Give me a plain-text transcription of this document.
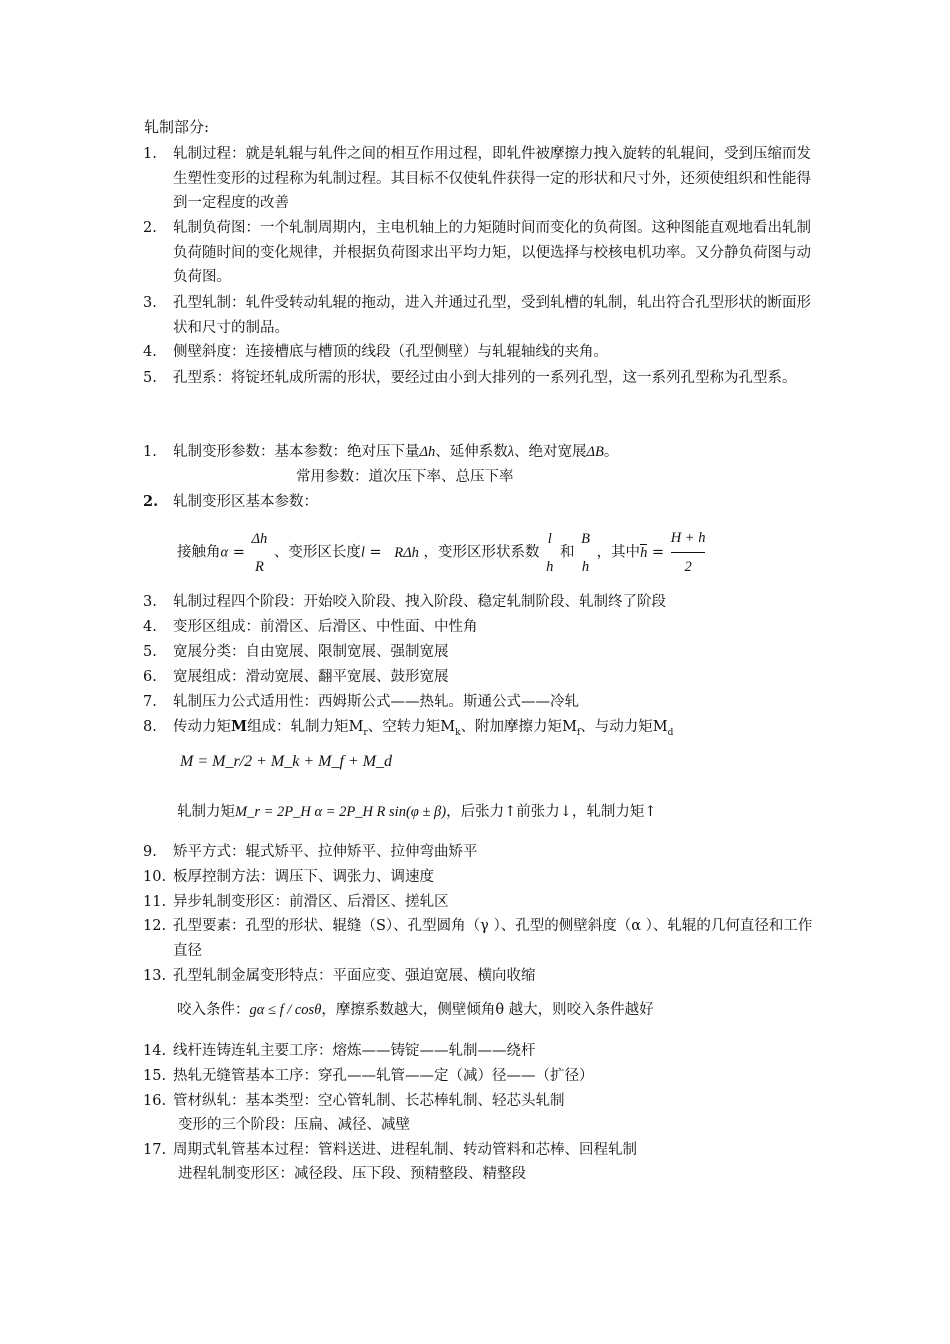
轧制部分:
1.	轧制过程：就是轧辊与轧件之间的相互作用过程，即轧件被摩擦力拽入旋转的轧辊间，受到压缩而发生塑性变形的过程称为轧制过程。其目标不仅使轧件获得一定的形状和尺寸外，还须使组织和性能得到一定程度的改善
2.	轧制负荷图：一个轧制周期内，主电机轴上的力矩随时间而变化的负荷图。这种图能直观地看出轧制负荷随时间的变化规律，并根据负荷图求出平均力矩，以便选择与校核电机功率。又分静负荷图与动负荷图。
3.	孔型轧制：轧件受转动轧辊的拖动，进入并通过孔型，受到轧槽的轧制，轧出符合孔型形状的断面形状和尺寸的制品。
4.	侧壁斜度：连接槽底与槽顶的线段（孔型侧壁）与轧辊轴线的夹角。
5.	孔型系：将锭坯轧成所需的形状，要经过由小到大排列的一系列孔型，这一系列孔型称为孔型系。
1. 轧制变形参数：基本参数：绝对压下量Δh、延伸系数λ、绝对宽展ΔB。
常用参数：道次压下率、总压下率
2. 轧制变形区基本参数：
接触角α =
Δh
R
、变形区长度l = RΔh ，变形区形状系数
l
h
和
B
h
，其中$h = \frac{H + h}{2}$
3. 轧制过程四个阶段：开始咬入阶段、拽入阶段、稳定轧制阶段、轧制终了阶段
4. 变形区组成：前滑区、后滑区、中性面、中性角
5. 宽展分类：自由宽展、限制宽展、强制宽展
6. 宽展组成：滑动宽展、翻平宽展、鼓形宽展
7. 轧制压力公式适用性：西姆斯公式——热轧。斯通公式——冷轧
8. 传动力矩M组成：轧制力矩$M_r$、空转力矩$M_k$、附加摩擦力矩$M_f$、与动力矩$M_d$
M = M_r/2 + M_k + M_f + M_d
轧制力矩M_r = 2P_H α = 2P_H R sin(φ ± β)，后张力↑前张力↓，轧制力矩↑
9. 矫平方式：辊式矫平、拉伸矫平、拉伸弯曲矫平
10. 板厚控制方法：调压下、调张力、调速度
11. 异步轧制变形区：前滑区、后滑区、搓轧区
12. 孔型要素：孔型的形状、辊缝（S）、孔型圆角（γ ）、孔型的侧壁斜度（α ）、轧辊的几何直径和工作直径
13. 孔型轧制金属变形特点：平面应变、强迫宽展、横向收缩
咬入条件：gα ≤ f / cosθ，摩擦系数越大，侧壁倾角θ 越大，则咬入条件越好
14. 线杆连铸连轧主要工序：熔炼——铸锭——轧制——绕杆
15. 热轧无缝管基本工序：穿孔——轧管——定（减）径——（扩径）
16. 管材纵轧：基本类型：空心管轧制、长芯棒轧制、轻芯头轧制
变形的三个阶段：压扁、减径、减壁
17. 周期式轧管基本过程：管料送进、进程轧制、转动管料和芯棒、回程轧制
进程轧制变形区：减径段、压下段、预精整段、精整段
